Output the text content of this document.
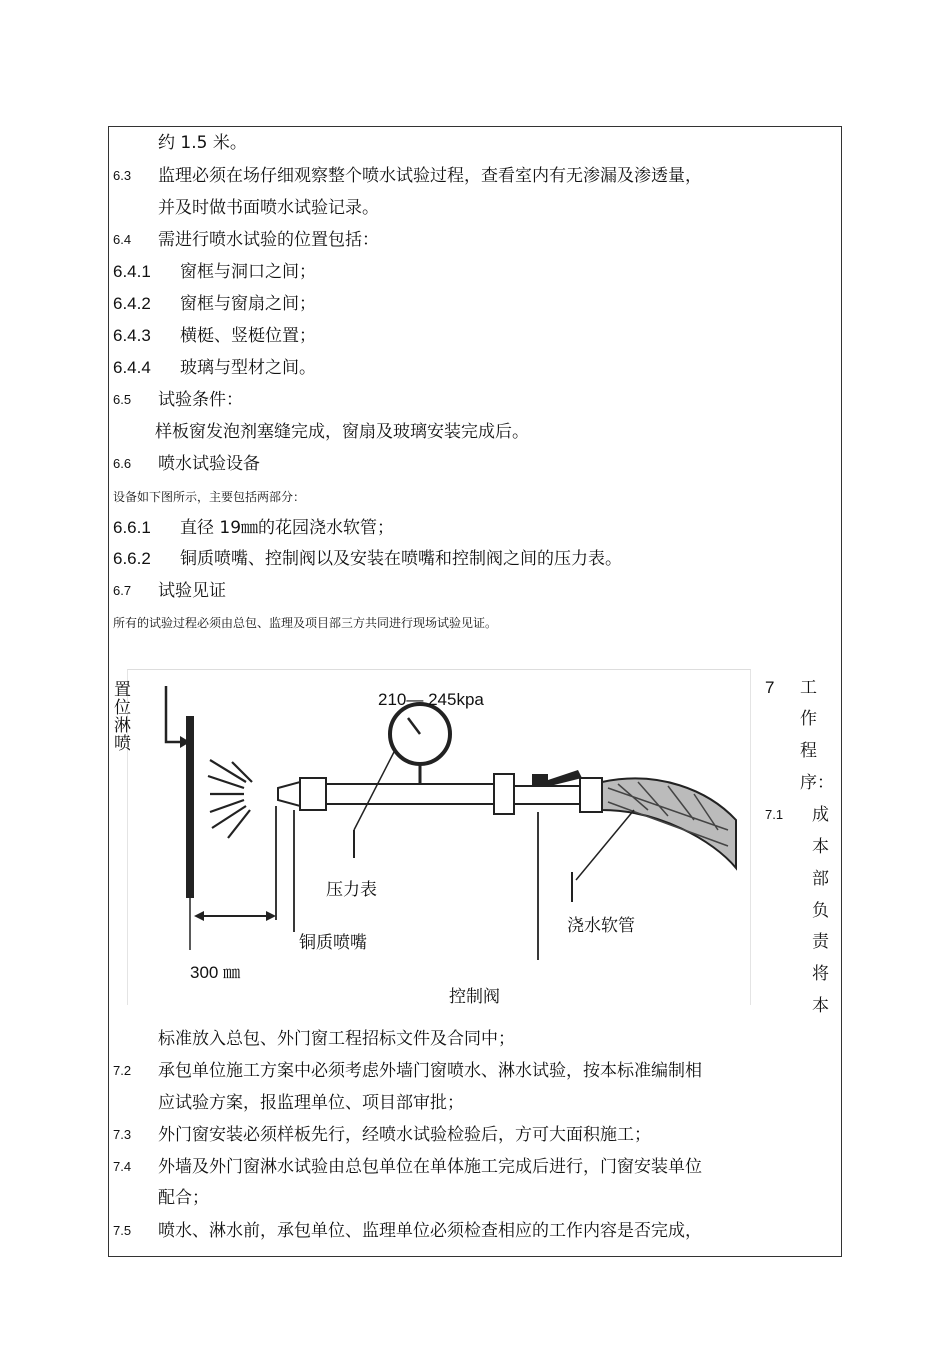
约 1.5 米。
6.3 监理必须在场仔细观察整个喷水试验过程，查看室内有无渗漏及渗透量，
并及时做书面喷水试验记录。
6.4 需进行喷水试验的位置包括：
6.4.1 窗框与洞口之间；
6.4.2 窗框与窗扇之间；
6.4.3 横梃、竖梃位置；
6.4.4 玻璃与型材之间。
6.5 试验条件：
样板窗发泡剂塞缝完成，窗扇及玻璃安装完成后。
6.6 喷水试验设备
设备如下图所示，主要包括两部分：
6.6.1 直径 19㎜的花园浇水软管；
6.6.2 铜质喷嘴、控制阀以及安装在喷嘴和控制阀之间的压力表。
6.7 试验见证
所有的试验过程必须由总包、监理及项目部三方共同进行现场试验见证。
置位淋喷
210— 245kpa
压力表
铜质喷嘴
浇水软管
300 ㎜
控制阀
7 工
作
程
序：
7.1 成
本
部
负
责
将
本
标准放入总包、外门窗工程招标文件及合同中；
7.2 承包单位施工方案中必须考虑外墙门窗喷水、淋水试验，按本标准编制相
应试验方案，报监理单位、项目部审批；
7.3 外门窗安装必须样板先行，经喷水试验检验后，方可大面积施工；
7.4 外墙及外门窗淋水试验由总包单位在单体施工完成后进行，门窗安装单位
配合；
7.5 喷水、淋水前，承包单位、监理单位必须检查相应的工作内容是否完成，
